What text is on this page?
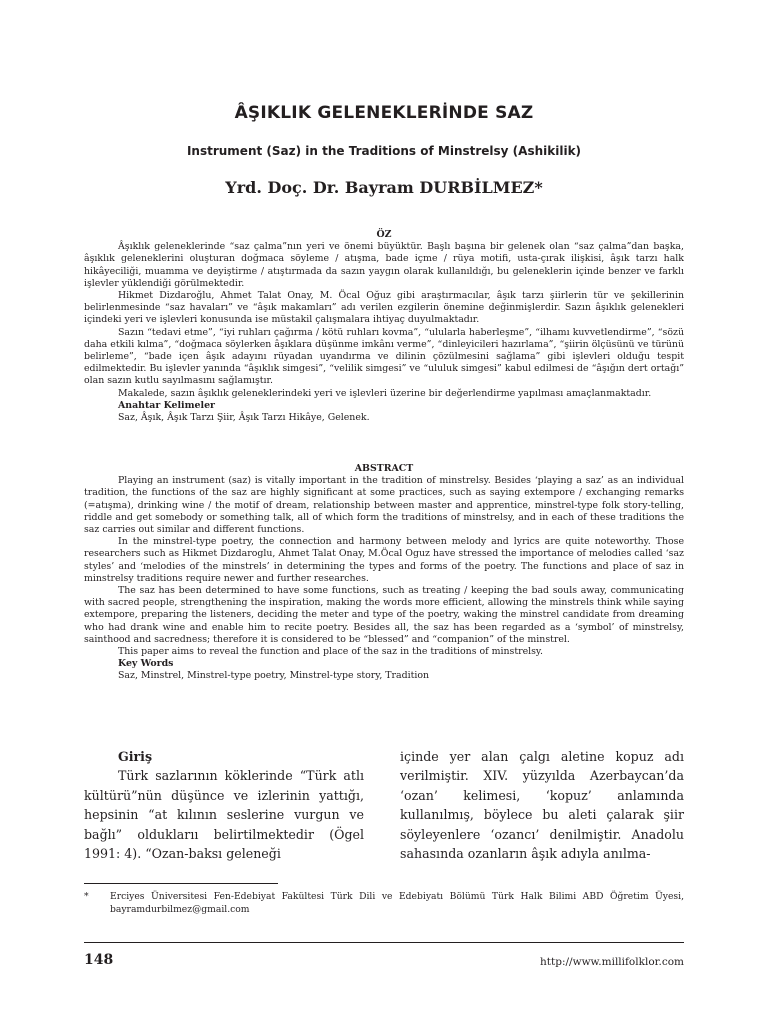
ÂŞIKLIK GELENEKLERİNDE SAZ
Instrument (Saz) in the Traditions of Minstrelsy (Ashikilik)
Yrd. Doç. Dr. Bayram DURBİLMEZ*

ÖZ

Âşıklık geleneklerinde “saz çalma”nın yeri ve önemi büyüktür. Başlı başına bir gelenek olan “saz çalma”dan başka, âşıklık geleneklerini oluşturan doğmaca söyleme / atışma, bade içme / rüya motifi, usta-çırak ilişkisi, âşık tarzı halk hikâyeciliği, muamma ve deyiştirme / atıştırmada da sazın yaygın olarak kullanıldığı, bu geleneklerin içinde benzer ve farklı işlevler yüklendiği görülmektedir.

Hikmet Dizdaroğlu, Ahmet Talat Onay, M. Öcal Oğuz gibi araştırmacılar, âşık tarzı şiirlerin tür ve şekillerinin belirlenmesinde “saz havaları” ve “âşık makamları” adı verilen ezgilerin önemine değinmişlerdir. Sazın âşıklık gelenekleri içindeki yeri ve işlevleri konusunda ise müstakil çalışmalara ihtiyaç duyulmaktadır.

Sazın “tedavi etme”, “iyi ruhları çağırma / kötü ruhları kovma”, “ulularla haberleşme”, “ilhamı kuvvetlendirme”, “sözü daha etkili kılma”, “doğmaca söylerken âşıklara düşünme imkânı verme”, “dinleyicileri hazırlama”, “şiirin ölçüsünü ve türünü belirleme”, “bade içen âşık adayını rüyadan uyandırma ve dilinin çözülmesini sağlama” gibi işlevleri olduğu tespit edilmektedir. Bu işlevler yanında “âşıklık simgesi”, “velilik simgesi” ve “ululuk simgesi” kabul edilmesi de “âşığın dert ortağı” olan sazın kutlu sayılmasını sağlamıştır.

Makalede, sazın âşıklık geleneklerindeki yeri ve işlevleri üzerine bir değerlendirme yapılması amaçlanmaktadır.

Anahtar Kelimeler

Saz, Âşık, Âşık Tarzı Şiir, Âşık Tarzı Hikâye, Gelenek.

ABSTRACT

Playing an instrument (saz) is vitally important in the tradition of minstrelsy. Besides ‘playing a saz’ as an individual tradition, the functions of the saz are highly significant at some practices, such as saying extempore / exchanging remarks (=atışma), drinking wine / the motif of dream, relationship between master and apprentice, minstrel-type folk story-telling, riddle and get somebody or something talk, all of which form the traditions of minstrelsy, and in each of these traditions the saz carries out similar and different functions.

In the minstrel-type poetry, the connection and harmony between melody and lyrics are quite noteworthy. Those researchers such as Hikmet Dizdaroglu, Ahmet Talat Onay, M.Öcal Oguz have stressed the importance of melodies called ‘saz styles’ and ‘melodies of the minstrels’ in determining the types and forms of the poetry. The functions and place of saz in minstrelsy traditions require newer and further researches.

The saz has been determined to have some functions, such as treating / keeping the bad souls away, communicating with sacred people, strengthening the inspiration, making the words more efficient, allowing the minstrels think while saying extempore, preparing the listeners, deciding the meter and type of the poetry, waking the minstrel candidate from dreaming who had drank wine and enable him to recite poetry. Besides all, the saz has been regarded as a ‘symbol’ of minstrelsy, sainthood and sacredness; therefore it is considered to be “blessed” and “companion” of the minstrel.

This paper aims to reveal the function and place of the saz in the traditions of minstrelsy.

Key Words

Saz, Minstrel, Minstrel-type poetry, Minstrel-type story, Tradition

Giriş

Türk sazlarının köklerinde “Türk atlı kültürü”nün düşünce ve izlerinin yattığı, hepsinin “at kılının seslerine vurgun ve bağlı” olduklarıı belirtilmektedir (Ögel 1991: 4). “Ozan-baksı geleneği

içinde yer alan çalgı aletine kopuz adı verilmiştir. XIV. yüzyılda Azerbaycan’da ‘ozan’ kelimesi, ‘kopuz’ anlamında kullanılmış, böylece bu aleti çalarak şiir söyleyenlere ‘ozancı’ denilmiştir. Anadolu sahasında ozanların âşık adıyla anılma-

* Erciyes Üniversitesi Fen-Edebiyat Fakültesi Türk Dili ve Edebiyatı Bölümü Türk Halk Bilimi ABD Öğretim Üyesi, bayramdurbilmez@gmail.com
148	http://www.millifolklor.com
